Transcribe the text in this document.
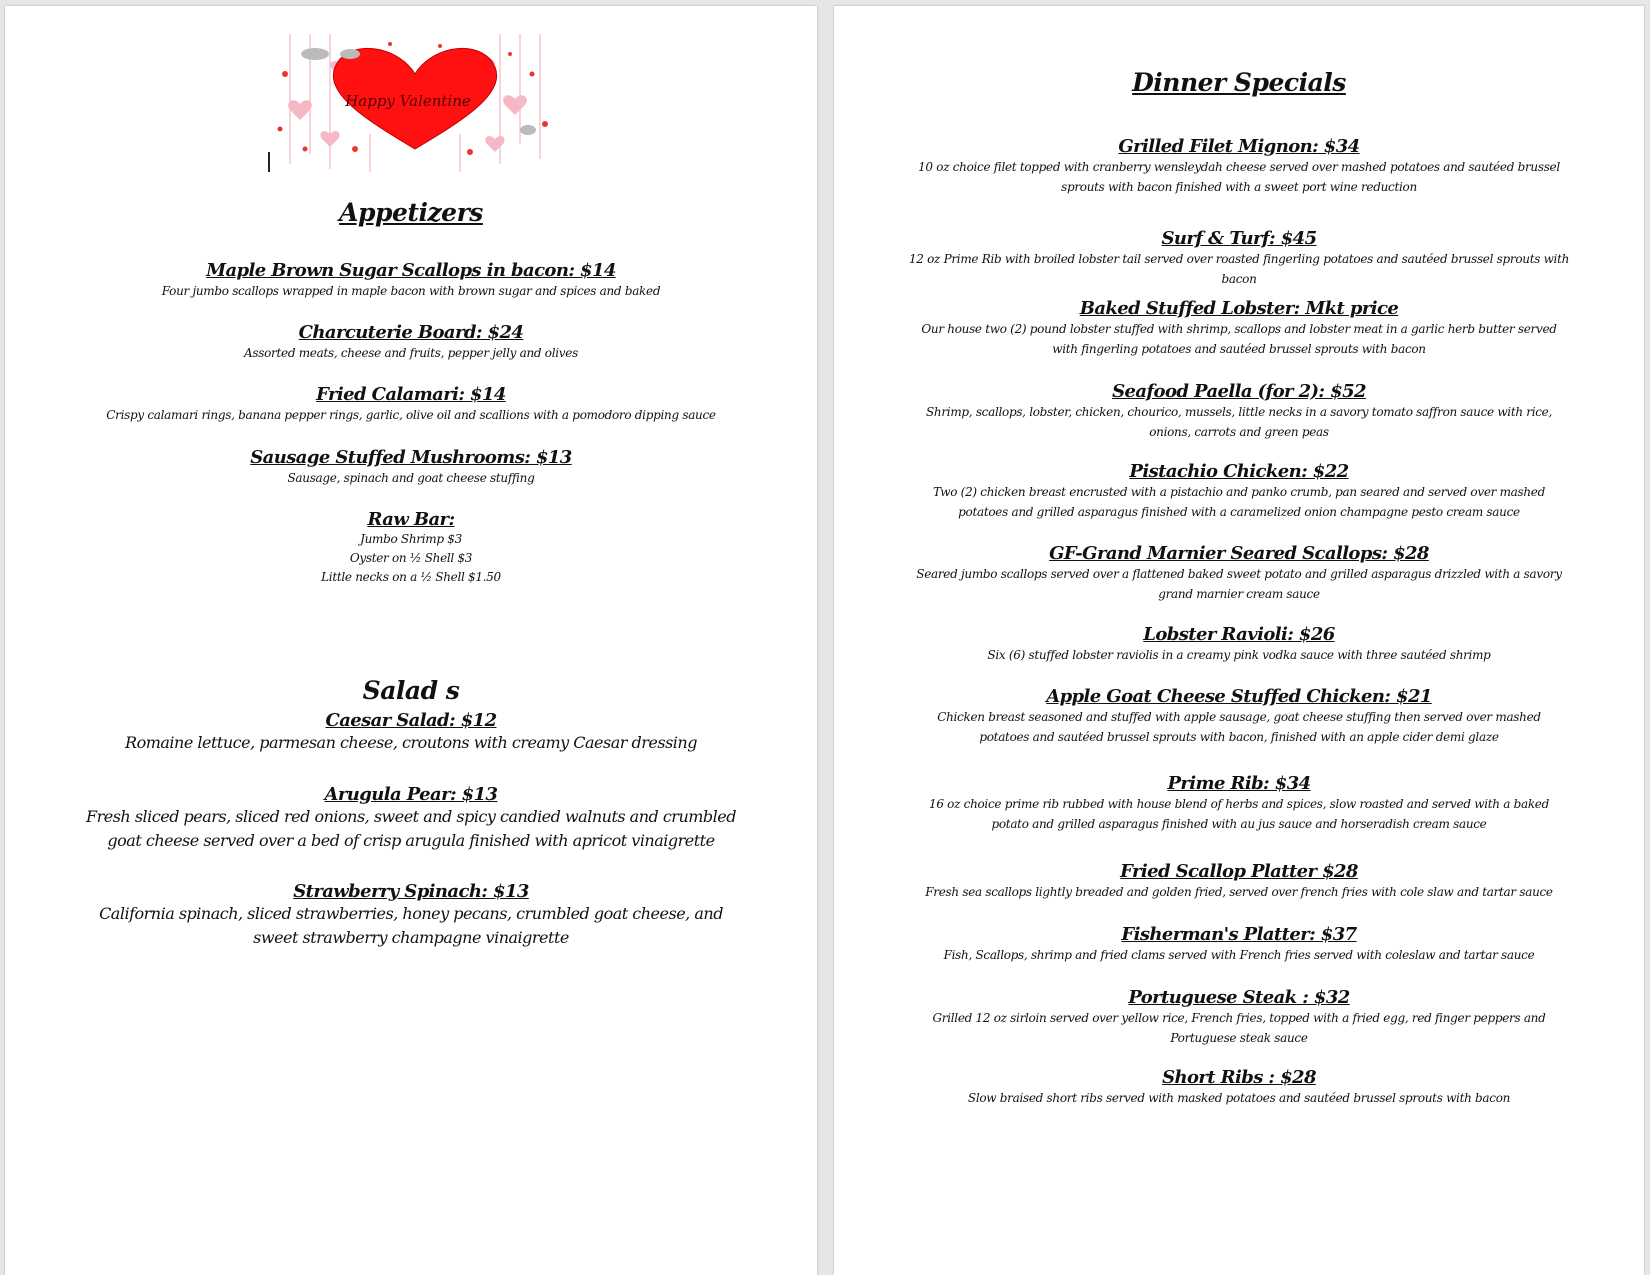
Happy Valentine
Appetizers
Maple Brown Sugar Scallops in bacon: $14
Four jumbo scallops wrapped in maple bacon with brown sugar and spices and baked
Charcuterie Board: $24
Assorted meats, cheese and fruits, pepper jelly and olives
Fried Calamari: $14
Crispy calamari rings, banana pepper rings, garlic, olive oil and scallions with a pomodoro dipping sauce
Sausage Stuffed Mushrooms: $13
Sausage, spinach and goat cheese stuffing
Raw Bar:
Jumbo Shrimp $3
Oyster on ½ Shell $3
Little necks on a ½ Shell $1.50
Salad s
Caesar Salad: $12
Romaine lettuce, parmesan cheese, croutons with creamy Caesar dressing
Arugula Pear: $13
Fresh sliced pears, sliced red onions, sweet and spicy candied walnuts and crumbled goat cheese served over a bed of crisp arugula finished with apricot vinaigrette
Strawberry Spinach: $13
California spinach, sliced strawberries, honey pecans, crumbled goat cheese, and sweet strawberry champagne vinaigrette
Dinner Specials
Grilled Filet Mignon: $34
10 oz choice filet topped with cranberry wensleydah cheese served over mashed potatoes and sautéed brussel sprouts with bacon finished with a sweet port wine reduction
Surf & Turf: $45
12 oz Prime Rib with broiled lobster tail served over roasted fingerling potatoes and sautéed brussel sprouts with bacon
Baked Stuffed Lobster: Mkt price
Our house two (2) pound lobster stuffed with shrimp, scallops and lobster meat in a garlic herb butter served with fingerling potatoes and sautéed brussel sprouts with bacon
Seafood Paella (for 2): $52
Shrimp, scallops, lobster, chicken, chourico, mussels, little necks in a savory tomato saffron sauce with rice, onions, carrots and green peas
Pistachio Chicken: $22
Two (2) chicken breast encrusted with a pistachio and panko crumb, pan seared and served over mashed potatoes and grilled asparagus finished with a caramelized onion champagne pesto cream sauce
GF-Grand Marnier Seared Scallops: $28
Seared jumbo scallops served over a flattened baked sweet potato and grilled asparagus drizzled with a savory grand marnier cream sauce
Lobster Ravioli: $26
Six (6) stuffed lobster raviolis in a creamy pink vodka sauce with three sautéed shrimp
Apple Goat Cheese Stuffed Chicken: $21
Chicken breast seasoned and stuffed with apple sausage, goat cheese stuffing then served over mashed potatoes and sautéed brussel sprouts with bacon, finished with an apple cider demi glaze
Prime Rib: $34
16 oz choice prime rib rubbed with house blend of herbs and spices, slow roasted and served with a baked potato and grilled asparagus finished with au jus sauce and horseradish cream sauce
Fried Scallop Platter $28
Fresh sea scallops lightly breaded and golden fried, served over french fries with cole slaw and tartar sauce
Fisherman's Platter: $37
Fish, Scallops, shrimp and fried clams served with French fries served with coleslaw and tartar sauce
Portuguese Steak : $32
Grilled 12 oz sirloin served over yellow rice, French fries, topped with a fried egg, red finger peppers and Portuguese steak sauce
Short Ribs : $28
Slow braised short ribs served with masked potatoes and sautéed brussel sprouts with bacon
